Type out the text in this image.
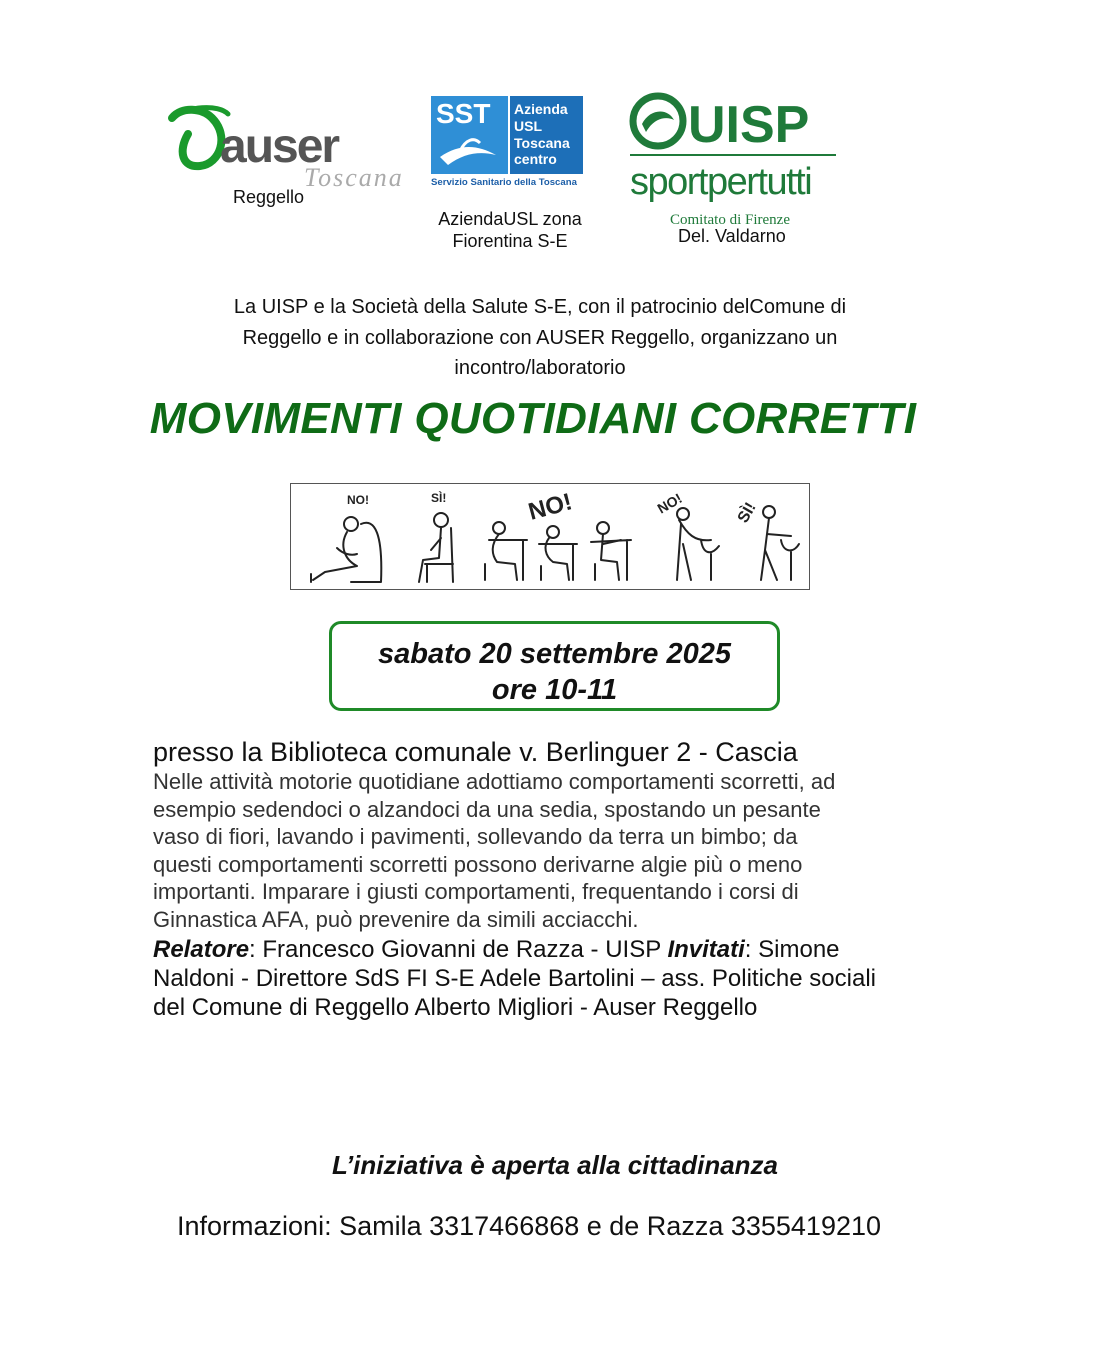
auser
Toscana
Reggello
SST Azienda
USL
Toscana
centro
Servizio Sanitario della Toscana
AziendaUSL zona
Fiorentina S-E
UISP
sportpertutti
Comitato di Firenze
Del. Valdarno
La UISP e la Società della Salute S-E, con il patrocinio delComune di
Reggello e in collaborazione con AUSER Reggello, organizzano un
incontro/laboratorio
MOVIMENTI QUOTIDIANI CORRETTI
NO!	SÌ!	NO!	NO!	SÌ!
sabato 20 settembre 2025
ore 10-11
presso la Biblioteca comunale v. Berlinguer 2 - Cascia
Nelle attività motorie quotidiane adottiamo comportamenti scorretti, ad
esempio sedendoci o alzandoci da una sedia, spostando un pesante
vaso di fiori, lavando i pavimenti, sollevando da terra un bimbo; da
questi comportamenti scorretti possono derivarne algie più o meno
importanti. Imparare i giusti comportamenti, frequentando i corsi di
Ginnastica AFA, può prevenire da simili acciacchi.
Relatore: Francesco Giovanni de Razza - UISP Invitati: Simone
Naldoni - Direttore SdS FI S-E Adele Bartolini – ass. Politiche sociali
del Comune di Reggello Alberto Migliori - Auser Reggello
L’iniziativa è aperta alla cittadinanza
Informazioni: Samila 3317466868 e de Razza 3355419210
